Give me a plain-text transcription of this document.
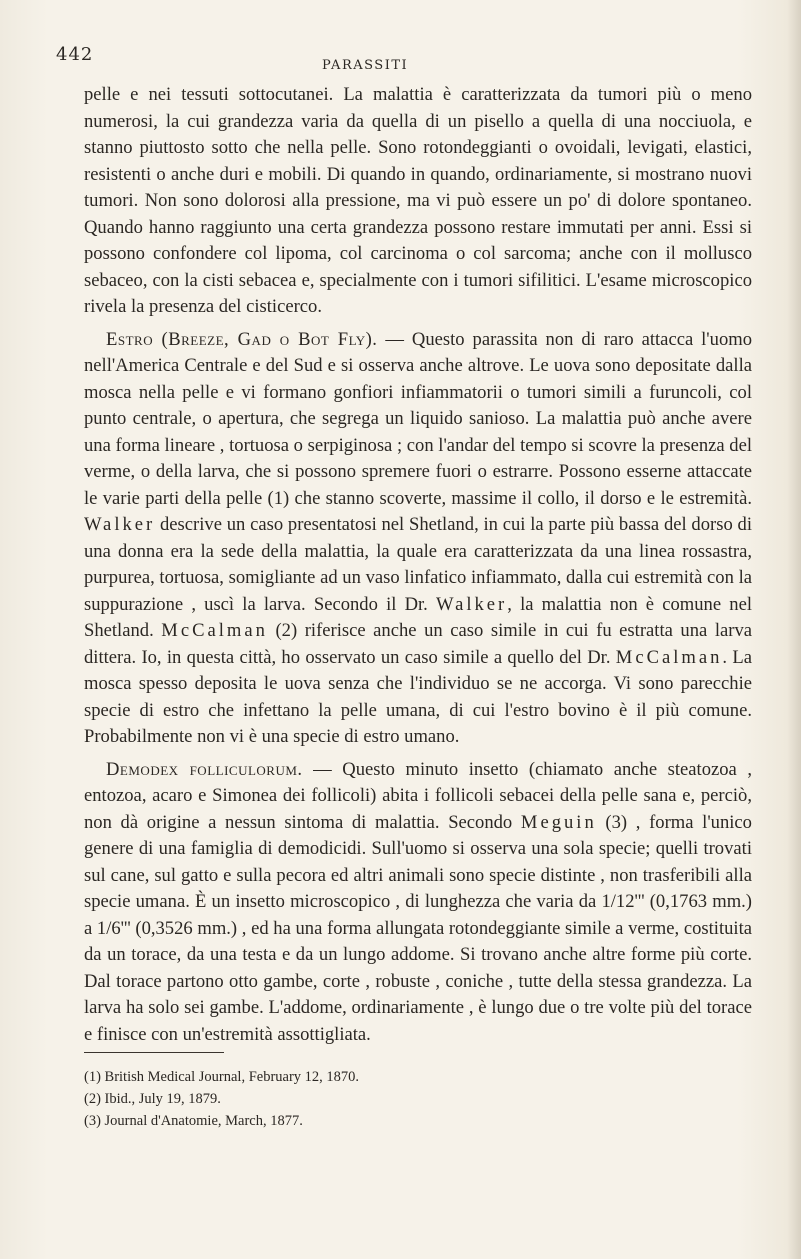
442
PARASSITI

pelle e nei tessuti sottocutanei. La malattia è caratterizzata da tumori più o meno numerosi, la cui grandezza varia da quella di un pisello a quella di una nocciuola, e stanno piuttosto sotto che nella pelle. Sono rotondeggianti o ovoidali, levigati, elastici, resistenti o anche duri e mobili. Di quando in quando, ordinariamente, si mostrano nuovi tumori. Non sono dolorosi alla pressione, ma vi può essere un po' di dolore spontaneo. Quando hanno raggiunto una certa grandezza possono restare immutati per anni. Essi si possono confondere col lipoma, col carcinoma o col sarcoma; anche con il mollusco sebaceo, con la cisti sebacea e, specialmente con i tumori sifilitici. L'esame microscopico rivela la presenza del cisticerco.

Estro (Breeze, Gad o Bot Fly). — Questo parassita non di raro attacca l'uomo nell'America Centrale e del Sud e si osserva anche altrove. Le uova sono depositate dalla mosca nella pelle e vi formano gonfiori infiammatorii o tumori simili a furuncoli, col punto centrale, o apertura, che segrega un liquido sanioso. La malattia può anche avere una forma lineare , tortuosa o serpiginosa ; con l'andar del tempo si scovre la presenza del verme, o della larva, che si possono spremere fuori o estrarre. Possono esserne attaccate le varie parti della pelle (1) che stanno scoverte, massime il collo, il dorso e le estremità. Walker descrive un caso presentatosi nel Shetland, in cui la parte più bassa del dorso di una donna era la sede della malattia, la quale era caratterizzata da una linea rossastra, purpurea, tortuosa, somigliante ad un vaso linfatico infiammato, dalla cui estremità con la suppurazione , uscì la larva. Secondo il Dr. Walker, la malattia non è comune nel Shetland. McCalman (2) riferisce anche un caso simile in cui fu estratta una larva dittera. Io, in questa città, ho osservato un caso simile a quello del Dr. McCalman. La mosca spesso deposita le uova senza che l'individuo se ne accorga. Vi sono parecchie specie di estro che infettano la pelle umana, di cui l'estro bovino è il più comune. Probabilmente non vi è una specie di estro umano.

Demodex folliculorum. — Questo minuto insetto (chiamato anche steatozoa , entozoa, acaro e Simonea dei follicoli) abita i follicoli sebacei della pelle sana e, perciò, non dà origine a nessun sintoma di malattia. Secondo Meguin (3) , forma l'unico genere di una famiglia di demodicidi. Sull'uomo si osserva una sola specie; quelli trovati sul cane, sul gatto e sulla pecora ed altri animali sono specie distinte , non trasferibili alla specie umana. È un insetto microscopico , di lunghezza che varia da 1/12''' (0,1763 mm.) a 1/6''' (0,3526 mm.) , ed ha una forma allungata rotondeggiante simile a verme, costituita da un torace, da una testa e da un lungo addome. Si trovano anche altre forme più corte. Dal torace partono otto gambe, corte , robuste , coniche , tutte della stessa grandezza. La larva ha solo sei gambe. L'addome, ordinariamente , è lungo due o tre volte più del torace e finisce con un'estremità assottigliata.

(1) British Medical Journal, February 12, 1870.
(2) Ibid., July 19, 1879.
(3) Journal d'Anatomie, March, 1877.
